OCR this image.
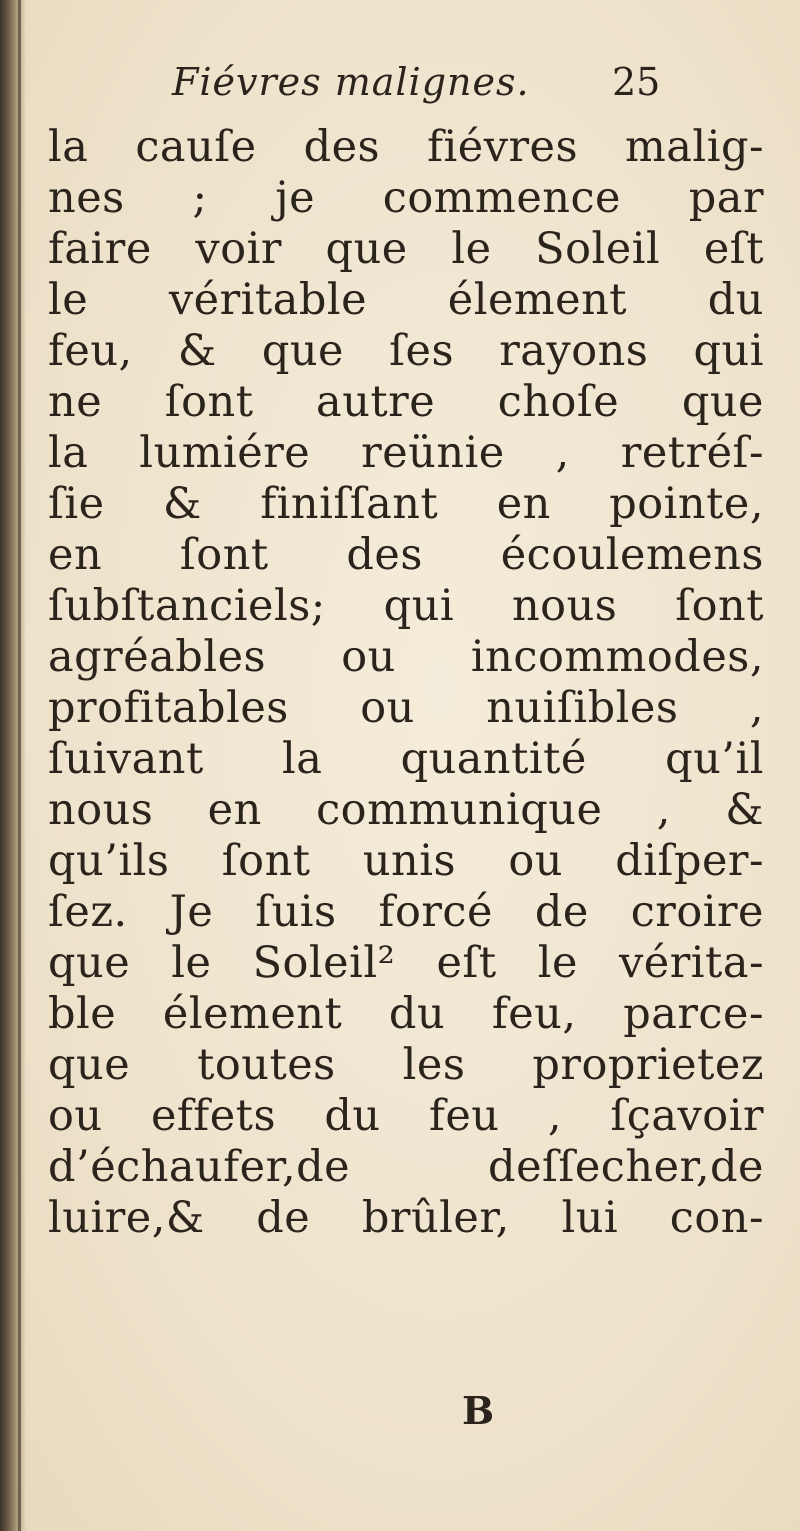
Fiévres malignes. 25
la cauſe des fiévres malig-
nes ; je commence par
faire voir que le Soleil eſt
le véritable élement du
feu, & que ſes rayons qui
ne ſont autre choſe que
la lumiére reünie , retréſ-
ſie & finiſſant en pointe,
en ſont des écoulemens
ſubſtanciels; qui nous ſont
agréables ou incommodes,
profitables ou nuiſibles ,
ſuivant la quantité qu’il
nous en communique , &
qu’ils ſont unis ou diſper-
ſez. Je ſuis forcé de croire
que le Soleil² eſt le vérita-
ble élement du feu, parce-
que toutes les proprietez
ou effets du feu , ſçavoir
d’échaufer,de deſſecher,de
luire,& de brûler, lui con-
B
